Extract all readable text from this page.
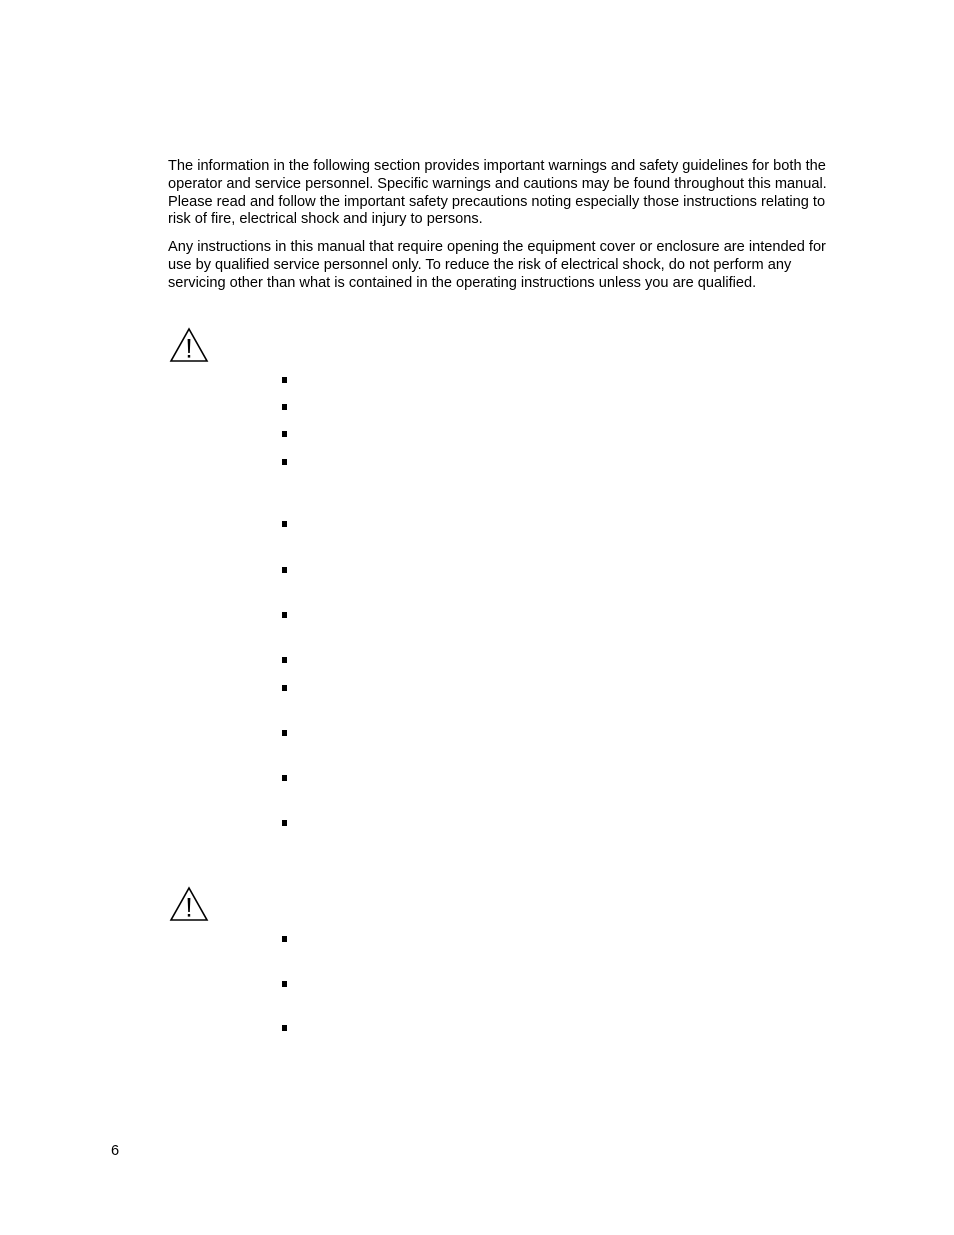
The information in the following section provides important warnings and safety guidelines for both the operator and service personnel. Specific warnings and cautions may be found throughout this manual. Please read and follow the important safety precautions noting especially those instructions relating to risk of fire, electrical shock and injury to persons.

Any instructions in this manual that require opening the equipment cover or enclosure are intended for use by qualified service personnel only. To reduce the risk of electrical shock, do not perform any servicing other than what is contained in the operating instructions unless you are qualified.

6
